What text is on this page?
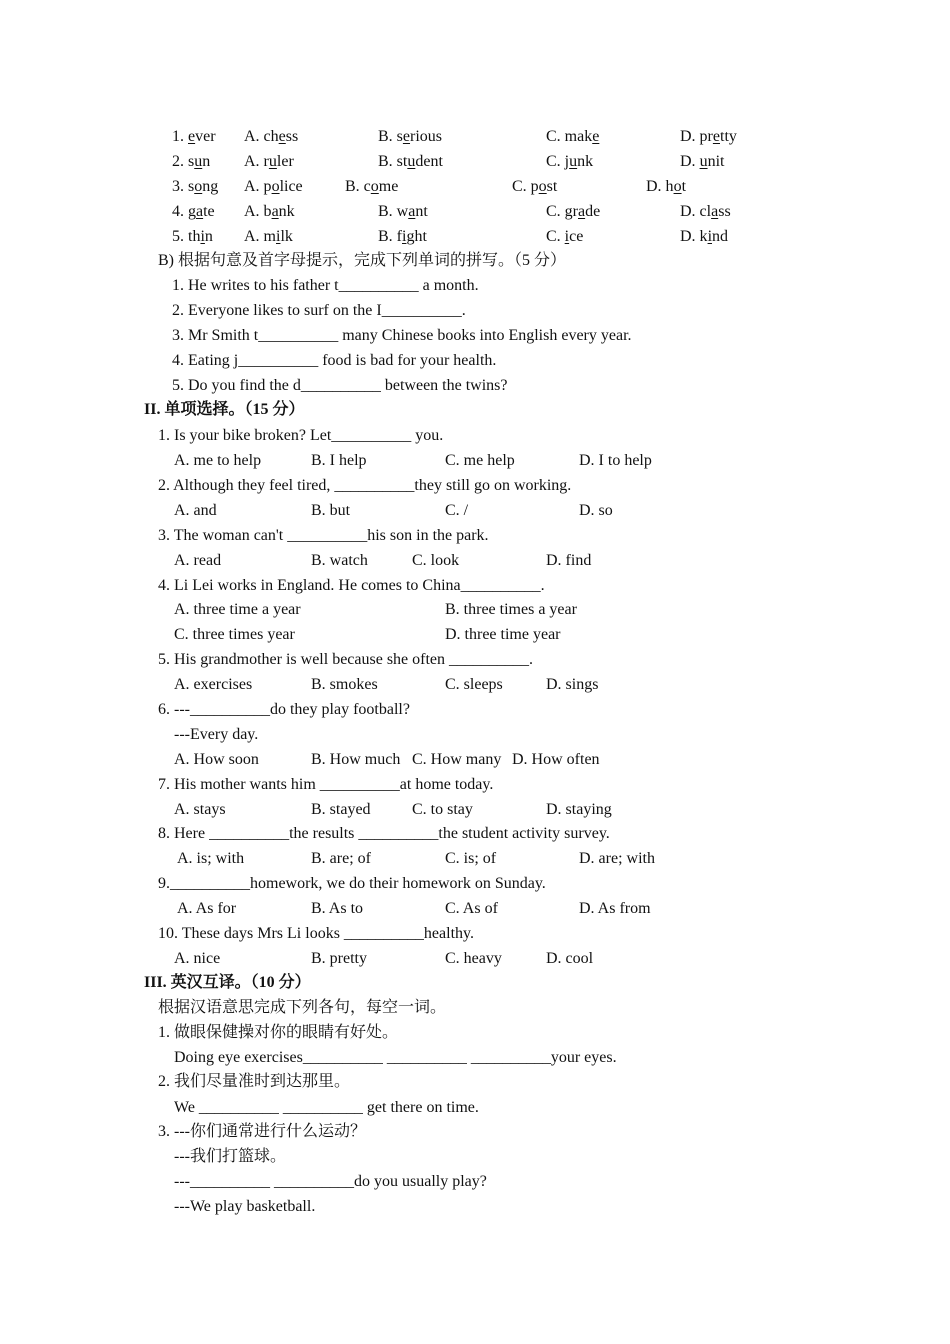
1. ever A. chess	B. serious	C. make	D. pretty
2. sun A. ruler	B. student	C. junk	D. unit
3. song A. police	B. come	C. post	D. hot
4. gate A. bank	B. want	C. grade	D. class
5. thin A. milk	B. fight	C. ice	D. kind
B) 根据句意及首字母提示，完成下列单词的拼写。（5 分）
1. He writes to his father t__________ a month.
2. Everyone likes to surf on the I__________.
3. Mr Smith t__________ many Chinese books into English every year.
4. Eating j__________ food is bad for your health.
5. Do you find the d__________ between the twins?
II. 单项选择。（15 分）
1. Is your bike broken? Let__________ you.
A. me to help	B. I help	C. me help	D. I to help
2. Although they feel tired, __________they still go on working.
A. and	B. but	C. /	D. so
3. The woman can't __________his son in the park.
A. read	B. watch	C. look	D. find
4. Li Lei works in England. He comes to China__________.
A. three time a year	B. three times a year
C. three times year	D. three time year
5. His grandmother is well because she often __________.
A. exercises	B. smokes	C. sleeps	D. sings
6. ---__________do they play football?
---Every day.
A. How soon	B. How much C. How many D. How often
7. His mother wants him __________at home today.
A. stays	B. stayed	C. to stay	D. staying
8. Here __________the results __________the student activity survey.
A. is; with	B. are; of	C. is; of	D. are; with
9.__________homework, we do their homework on Sunday.
A. As for	B. As to	C. As of	D. As from
10. These days Mrs Li looks __________healthy.
A. nice	B. pretty	C. heavy	D. cool
III. 英汉互译。（10 分）
根据汉语意思完成下列各句，每空一词。
1. 做眼保健操对你的眼睛有好处。
Doing eye exercises__________ __________ __________your eyes.
2. 我们尽量准时到达那里。
We __________ __________ get there on time.
3. ---你们通常进行什么运动？
---我们打篮球。
---__________ __________do you usually play?
---We play basketball.
